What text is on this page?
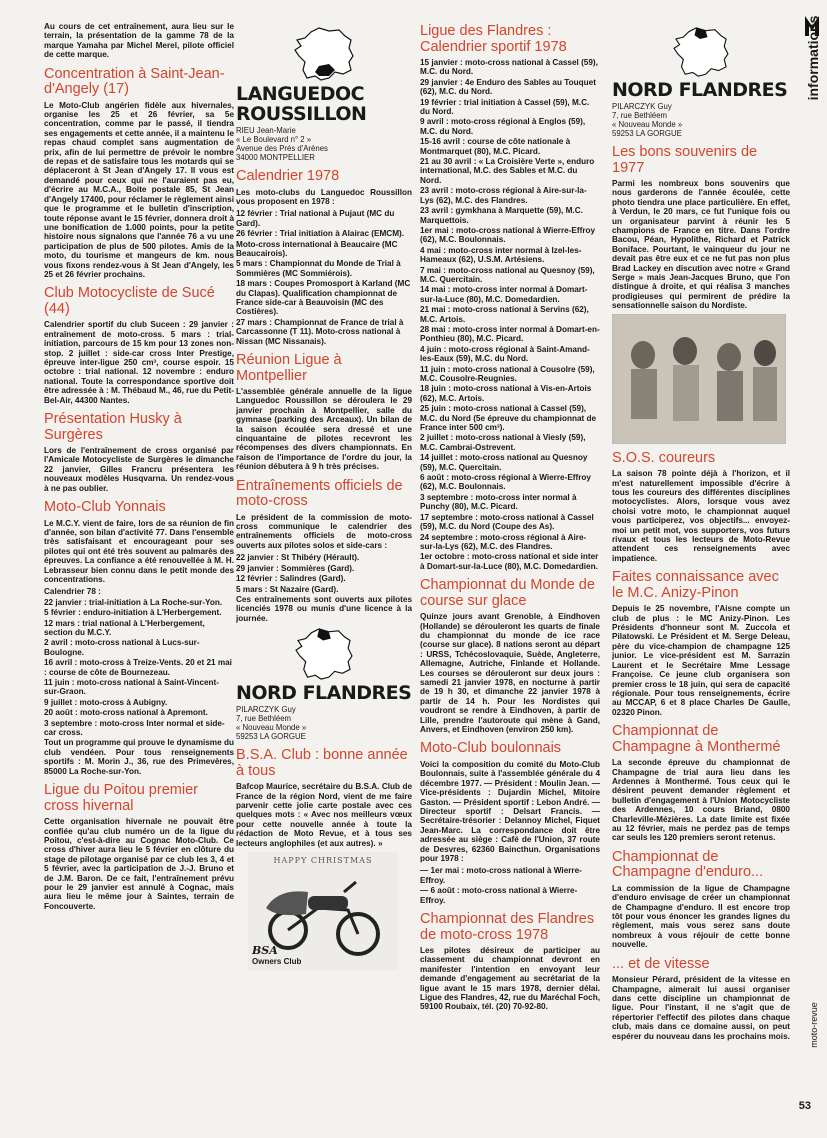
Au cours de cet entraînement, aura lieu sur le terrain, la présentation de la gamme 78 de la marque Yamaha par Michel Merel, pilote officiel de cette marque.

Concentration à Saint-Jean-d'Angely (17)

Le Moto-Club angérien fidèle aux hivernales, organise les 25 et 26 février, sa 5e concentration, comme par le passé, il tiendra ses engagements et cette année, il a maintenu le repas chaud complet sans augmentation de prix, afin de lui permettre de prévoir le nombre de repas et de satisfaire tous les motards qui se déplaceront à St Jean d'Angely 17. Il vous est demandé pour ceux qui ne l'auraient pas eu, d'écrire au M.C.A., Boite postale 85, St Jean d'Angely 17400, pour réclamer le règlement ainsi que le programme et le bulletin d'inscription, toute réponse avant le 15 février, donnera droit à une bonification de 1.000 points, pour la petite histoire nous signalons que l'année 76 a vu une participation de plus de 500 pilotes. Amis de la moto, du tourisme et mangeurs de km. nous vous fixons rendez-vous à St Jean d'Angely, les 25 et 26 février prochains.

Club Motocycliste de Sucé (44)

Calendrier sportif du club Suceen : 29 janvier : entraînement de moto-cross. 5 mars : trial-initiation, parcours de 15 km pour 13 zones non-stop. 2 juillet : side-car cross Inter Prestige, épreuve inter-ligue 250 cm³, course espoir. 15 octobre : trial national. 12 novembre : enduro national. Toute la correspondance sportive doit être adressée à : M. Thébaud M., 46, rue du Petit-Bel-Air, 44300 Nantes.

Présentation Husky à Surgères

Lors de l'entraînement de cross organisé par l'Amicale Motocycliste de Surgères le dimanche 22 janvier, Gilles Francru présentera les nouveaux modèles Husqvarna. Un rendez-vous à ne pas oublier.

Moto-Club Yonnais

Le M.C.Y. vient de faire, lors de sa réunion de fin d'année, son bilan d'activité 77. Dans l'ensemble très satisfaisant et encourageant pour ses pilotes qui ont été très souvent au palmarès des épreuves. La confiance a été renouvellée à M. H. Lebrasseur bien connu dans le petit monde des concentrations.

Calendrier 78 :

22 janvier : trial-initiation à La Roche-sur-Yon.

5 février : enduro-initiation à L'Herbergement.

12 mars : trial national à L'Herbergement, section du M.C.Y.

2 avril : moto-cross national à Lucs-sur-Boulogne.

16 avril : moto-cross à Treize-Vents. 20 et 21 mai : course de côte de Bournezeau.

11 juin : moto-cross national à Saint-Vincent-sur-Graon.

9 juillet : moto-cross à Aubigny.

20 août : moto-cross national à Apremont.

3 septembre : moto-cross Inter normal et side-car cross.

Tout un programme qui prouve le dynamisme du club vendéen. Pour tous renseignements sportifs : M. Morin J., 36, rue des Primevères, 85000 La Roche-sur-Yon.

Ligue du Poitou premier cross hivernal

Cette organisation hivernale ne pouvait être confiée qu'au club numéro un de la ligue du Poitou, c'est-à-dire au Cognac Moto-Club. Ce cross d'hiver aura lieu le 5 février en clôture du stage de pilotage organisé par ce club les 3, 4 et 5 février, avec la participation de J.-J. Bruno et de J.M. Baron. De ce fait, l'entraînement prévu pour le 29 janvier est annulé à Cognac, mais aura lieu le même jour à Saintes, terrain de Foncouverte.

LANGUEDOC ROUSSILLON

RIEU Jean-Marie
« Le Boulevard n° 2 »
Avenue des Prés d'Arènes
34000 MONTPELLIER
Calendrier 1978

Les moto-clubs du Languedoc Roussillon vous proposent en 1978 :

12 février : Trial national à Pujaut (MC du Gard).

26 février : Trial initiation à Alairac (EMCM).

Moto-cross international à Beaucaire (MC Beaucairois).

5 mars : Championnat du Monde de Trial à Sommières (MC Sommiérois).

18 mars : Coupes Promosport à Karland (MC du Clapas). Qualification championnat de France side-car à Beauvoisin (MC des Costières).

27 mars : Championnat de France de trial à Carcassonne (T 11). Moto-cross national à Nissan (MC Nissanais).

Réunion Ligue à Montpellier

L'assemblée générale annuelle de la ligue Languedoc Roussillon se déroulera le 29 janvier prochain à Montpellier, salle du gymnase (parking des Arceaux). Un bilan de la saison écoulée sera dressé et une cinquantaine de pilotes recevront les récompenses des divers championnats. En raison de l'importance de l'ordre du jour, la réunion débutera à 9 h très précises.

Entraînements officiels de moto-cross

Le président de la commission de moto-cross communique le calendrier des entraînements officiels de moto-cross ouverts aux pilotes solos et side-cars :

22 janvier : St Thibéry (Hérault).

29 janvier : Sommières (Gard).

12 février : Salindres (Gard).

5 mars : St Nazaire (Gard).

Ces entraînements sont ouverts aux pilotes licenciés 1978 ou munis d'une licence à la journée.

NORD FLANDRES

PILARCZYK Guy
7, rue Bethléem
« Nouveau Monde »
59253 LA GORGUE
B.S.A. Club : bonne année à tous

Bafcop Maurice, secrétaire du B.S.A. Club de France de la région Nord, vient de me faire parvenir cette jolie carte postale avec ces quelques mots : « Avec nos meilleurs vœux pour cette nouvelle année à toute la rédaction de Moto Revue, et à tous ses lecteurs anglophiles (et aux autres). »

HAPPY CHRISTMAS
BSA
Owners Club
Ligue des Flandres : Calendrier sportif 1978

15 janvier : moto-cross national à Cassel (59), M.C. du Nord.

29 janvier : 4e Enduro des Sables au Touquet (62), M.C. du Nord.

19 février : trial initiation à Cassel (59), M.C. du Nord.

9 avril : moto-cross régional à Englos (59), M.C. du Nord.

15-16 avril : course de côte nationale à Montmarquet (80), M.C. Picard.

21 au 30 avril : « La Croisière Verte », enduro international, M.C. des Sables et M.C. du Nord.

23 avril : moto-cross régional à Aire-sur-la-Lys (62), M.C. des Flandres.

23 avril : gymkhana à Marquette (59), M.C. Marquettois.

1er mai : moto-cross national à Wierre-Effroy (62), M.C. Boulonnais.

4 mai : moto-cross inter normal à Izel-les-Hameaux (62), U.S.M. Artésiens.

7 mai : moto-cross national au Quesnoy (59), M.C. Quercitain.

14 mai : moto-cross inter normal à Domart-sur-la-Luce (80), M.C. Domedardien.

21 mai : moto-cross national à Servins (62), M.C. Artois.

28 mai : moto-cross inter normal à Domart-en-Ponthieu (80), M.C. Picard.

4 juin : moto-cross régional à Saint-Amand-les-Eaux (59), M.C. du Nord.

11 juin : moto-cross national à Cousolre (59), M.C. Cousolre-Reugnies.

18 juin : moto-cross national à Vis-en-Artois (62), M.C. Artois.

25 juin : moto-cross national à Cassel (59), M.C. du Nord (5e épreuve du championnat de France inter 500 cm³).

2 juillet : moto-cross national à Viesly (59), M.C. Cambrai-Ostrevent.

14 juillet : moto-cross national au Quesnoy (59), M.C. Quercitain.

6 août : moto-cross régional à Wierre-Effroy (62), M.C. Boulonnais.

3 septembre : moto-cross inter normal à Punchy (80), M.C. Picard.

17 septembre : moto-cross national à Cassel (59), M.C. du Nord (Coupe des As).

24 septembre : moto-cross régional à Aire-sur-la-Lys (62), M.C. des Flandres.

1er octobre : moto-cross national et side inter à Domart-sur-la-Luce (80), M.C. Domedardien.

Championnat du Monde de course sur glace

Quinze jours avant Grenoble, à Eindhoven (Hollande) se dérouleront les quarts de finale du championnat du monde de ice race (course sur glace). 8 nations seront au départ : URSS, Tchécoslovaquie, Suède, Angleterre, Allemagne, Autriche, Finlande et Hollande. Les courses se dérouleront sur deux jours : samedi 21 janvier 1978, en nocturne à partir de 19 h 30, et dimanche 22 janvier 1978 à partir de 14 h. Pour les Nordistes qui voudront se rendre à Eindhoven, à partir de Lille, prendre l'autoroute qui mène à Gand, Anvers, et Eindhoven (environ 250 km).

Moto-Club boulonnais

Voici la composition du comité du Moto-Club Boulonnais, suite à l'assemblée générale du 4 décembre 1977. — Président : Moulin Jean. — Vice-présidents : Dujardin Michel, Mitoire Gaston. — Président sportif : Lebon André. — Directeur sportif : Delsart Francis. — Secrétaire-trésorier : Delannoy Michel, Fiquet Jean-Marc. La correspondance doit être adressée au siège : Café de l'Union, 37 route de Desvres, 62360 Baincthun. Organisations pour 1978 :

— 1er mai : moto-cross national à Wierre-Effroy.

— 6 août : moto-cross national à Wierre-Effroy.

Championnat des Flandres de moto-cross 1978

Les pilotes désireux de participer au classement du championnat devront en manifester l'intention en envoyant leur demande d'engagement au secrétariat de la ligue avant le 15 mars 1978, dernier délai. Ligue des Flandres, 42, rue du Maréchal Foch, 59100 Roubaix, tél. (20) 70-92-80.

NORD FLANDRES

PILARCZYK Guy
7, rue Bethléem
« Nouveau Monde »
59253 LA GORGUE
Les bons souvenirs de 1977

Parmi les nombreux bons souvenirs que nous garderons de l'année écoulée, cette photo tiendra une place particulière. En effet, à Verdun, le 20 mars, ce fut l'unique fois ou un organisateur parvint à réunir les 5 champions de France en titre. Dans l'ordre Bacou, Péan, Hypolithe, Richard et Patrick Boniface. Pourtant, le vainqueur du jour ne devait pas être eux et ce ne fut pas non plus Brad Lackey en discution avec notre « Grand Serge » mais Jean-Jacques Bruno, que l'on distingue à droite, et qui réalisa 3 manches prodigieuses qui permirent de prédire la sensationnelle saison du Nordiste.

S.O.S. coureurs

La saison 78 pointe déjà à l'horizon, et il m'est naturellement impossible d'écrire à tous les coureurs des différentes disciplines motocyclistes. Alors, lorsque vous avez choisi votre moto, le championnat auquel vous participerez, vos objectifs... envoyez-moi un petit mot, vos supporters, vos futurs rivaux et tous les lecteurs de Moto-Revue attendent ces renseignements avec impatience.

Faites connaissance avec le M.C. Anizy-Pinon

Depuis le 25 novembre, l'Aisne compte un club de plus : le MC Anizy-Pinon. Les Présidents d'honneur sont M. Zuccola et Pilatowski. Le Président et M. Serge Deleau, père du vice-champion de champagne 125 junior. Le vice-président est M. Sarrazin Laurent et le Secrétaire Mme Lessage Françoise. Ce jeune club organisera son premier cross le 18 juin, qui sera de capacité régionale. Pour tous renseignements, écrire au MCCAP, 6 et 8 place Charles De Gaulle, 02320 Pinon.

Championnat de Champagne à Monthermé

La seconde épreuve du championnat de Champagne de trial aura lieu dans les Ardennes à Monthermé. Tous ceux qui le désirent peuvent demander règlement et bulletin d'engagement à l'Union Motocycliste des Ardennes, 10 cours Briand, 0800 Charleville-Mézières. La date limite est fixée au 12 février, mais ne perdez pas de temps car seuls les 120 premiers seront retenus.

Championnat de Champagne d'enduro...

La commission de la ligue de Champagne d'enduro envisage de créer un championnat de Champagne d'enduro. Il est encore trop tôt pour vous énoncer les grandes lignes du règlement, mais vous serez sans doute nombreux à vous réjouir de cette bonne nouvelle.

... et de vitesse

Monsieur Pérard, président de la vitesse en Champagne, aimerait lui aussi organiser dans cette discipline un championnat de ligue. Pour l'instant, il ne s'agit que de répertorier l'effectif des pilotes dans chaque club, mais dans ce domaine aussi, on peut espérer du nouveau dans les prochains mois.

informations
moto-revue
53
